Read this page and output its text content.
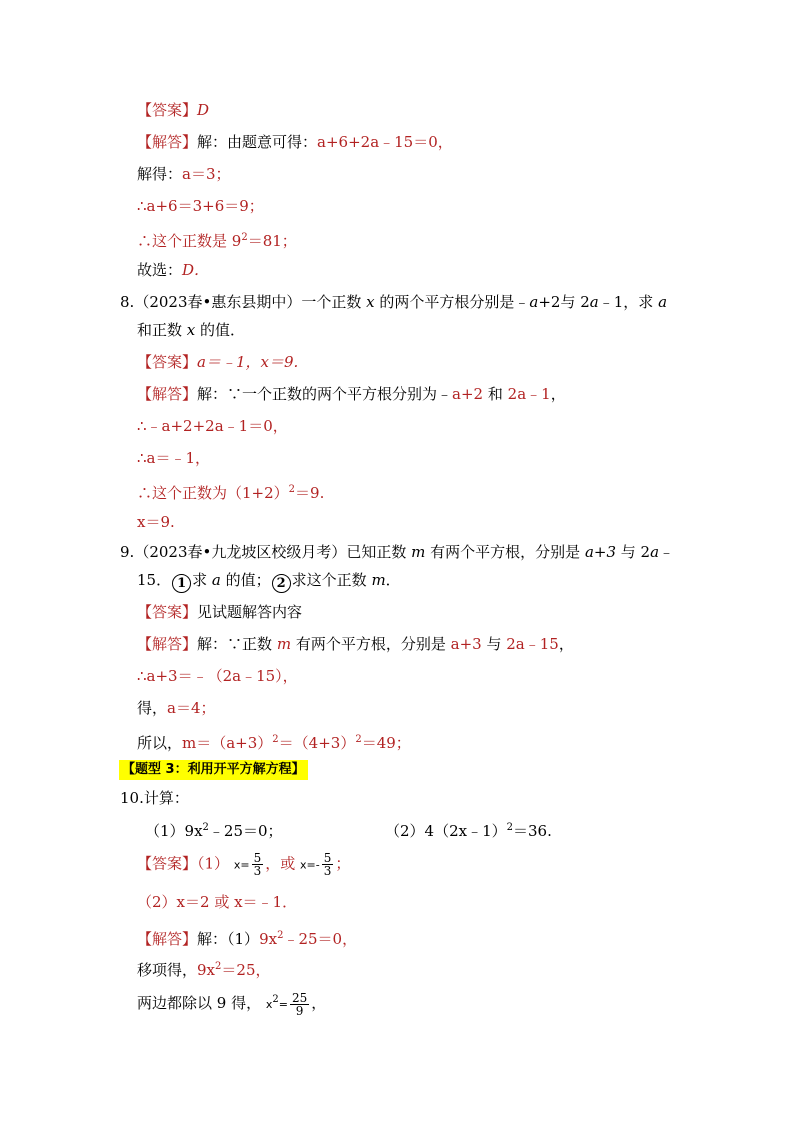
【答案】D
【解答】解：由题意可得：a+6+2a﹣15＝0，
解得：a＝3；
∴a+6＝3+6＝9；
∴这个正数是 $9^2=81$；
故选：D．
8.（2023春•惠东县期中）一个正数 x 的两个平方根分别是﹣a+2与 2a﹣1，求 a
和正数 x 的值．
【答案】a＝﹣1，x＝9.
【解答】解：∵一个正数的两个平方根分别为﹣a+2 和 2a﹣1，
∴﹣a+2+2a﹣1＝0，
∴a＝﹣1，
∴这个正数为$(1+2)^2=9$.
x＝9.
9.（2023春•九龙坡区校级月考）已知正数 m 有两个平方根，分别是 a+3 与 2a﹣
15． 1 求 a 的值； 2 求这个正数 m．
【答案】见试题解答内容
【解答】解：∵正数 m 有两个平方根，分别是 a+3 与 2a﹣15，
∴a+3＝﹣（2a﹣15），
得，a＝4；
所以，$m=(a+3)^2=(4+3)^2=49$；
【题型 3：利用开平方解方程】
10.计算：
$(1)9x^2﹣25=0$；	（2）4（2x﹣1）$^2$＝36.
【答案】（1） $x= \frac{5}{3}$ ，或 $x=- \frac{5}{3}$ ；
（2）x＝2 或 x＝﹣1．
【解答】解：$(1)9x^2﹣25=0$，
移项得，$9x^2=25$，
两边都除以 9 得， $x^2= \frac{25}{9}$ ，
